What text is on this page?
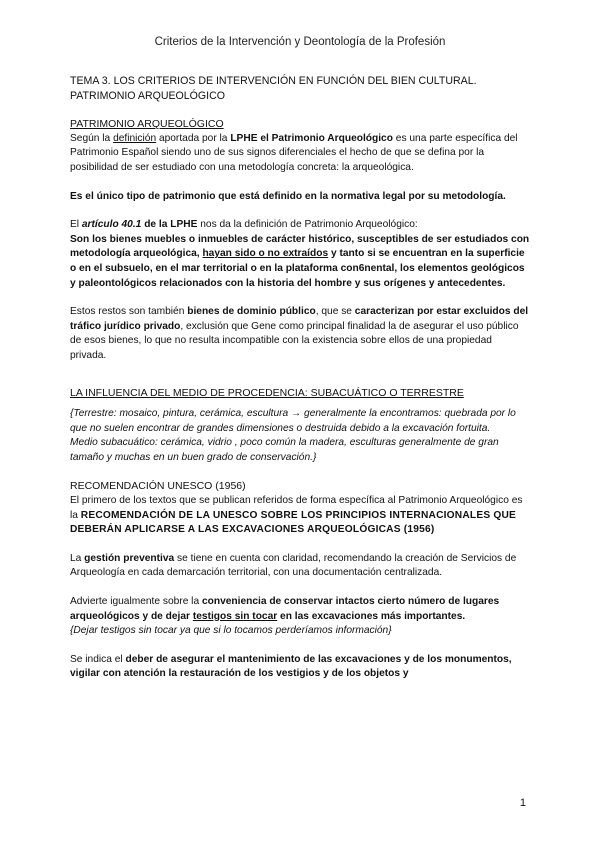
Criterios de la Intervención y Deontología de la Profesión

TEMA 3. LOS CRITERIOS DE INTERVENCIÓN EN FUNCIÓN DEL BIEN CULTURAL.
PATRIMONIO ARQUEOLÓGICO

PATRIMONIO ARQUEOLÓGICO

Según la definición aportada por la LPHE el Patrimonio Arqueológico es una parte específica del Patrimonio Español siendo uno de sus signos diferenciales el hecho de que se defina por la posibilidad de ser estudiado con una metodología concreta: la arqueológica.

Es el único tipo de patrimonio que está definido en la normativa legal por su metodología.

El artículo 40.1 de la LPHE nos da la definición de Patrimonio Arqueológico:

Son los bienes muebles o inmuebles de carácter histórico, susceptibles de ser estudiados con metodología arqueológica, hayan sido o no extraídos y tanto si se encuentran en la superficie o en el subsuelo, en el mar territorial o en la plataforma con6nental, los elementos geológicos y paleontológicos relacionados con la historia del hombre y sus orígenes y antecedentes.

Estos restos son también bienes de dominio público, que se caracterizan por estar excluidos del tráfico jurídico privado, exclusión que Gene como principal finalidad la de asegurar el uso público de esos bienes, lo que no resulta incompatible con la existencia sobre ellos de una propiedad privada.

LA INFLUENCIA DEL MEDIO DE PROCEDENCIA: SUBACUÁTICO O TERRESTRE

{Terrestre: mosaico, pintura, cerámica, escultura → generalmente la encontramos: quebrada por lo que no suelen encontrar de grandes dimensiones o destruida debido a la excavación fortuita.

Medio subacuático: cerámica, vidrio , poco común la madera, esculturas generalmente de gran tamaño y muchas en un buen grado de conservación.}

RECOMENDACIÓN UNESCO (1956)

El primero de los textos que se publican referidos de forma específica al Patrimonio Arqueológico es la RECOMENDACIÓN DE LA UNESCO SOBRE LOS PRINCIPIOS INTERNACIONALES QUE DEBERÁN APLICARSE A LAS EXCAVACIONES ARQUEOLÓGICAS (1956)

La gestión preventiva se tiene en cuenta con claridad, recomendando la creación de Servicios de Arqueología en cada demarcación territorial, con una documentación centralizada.

Advierte igualmente sobre la conveniencia de conservar intactos cierto número de lugares arqueológicos y de dejar testigos sin tocar en las excavaciones más importantes.

{Dejar testigos sin tocar ya que si lo tocamos perderíamos información}

Se indica el deber de asegurar el mantenimiento de las excavaciones y de los monumentos, vigilar con atención la restauración de los vestigios y de los objetos y

1
